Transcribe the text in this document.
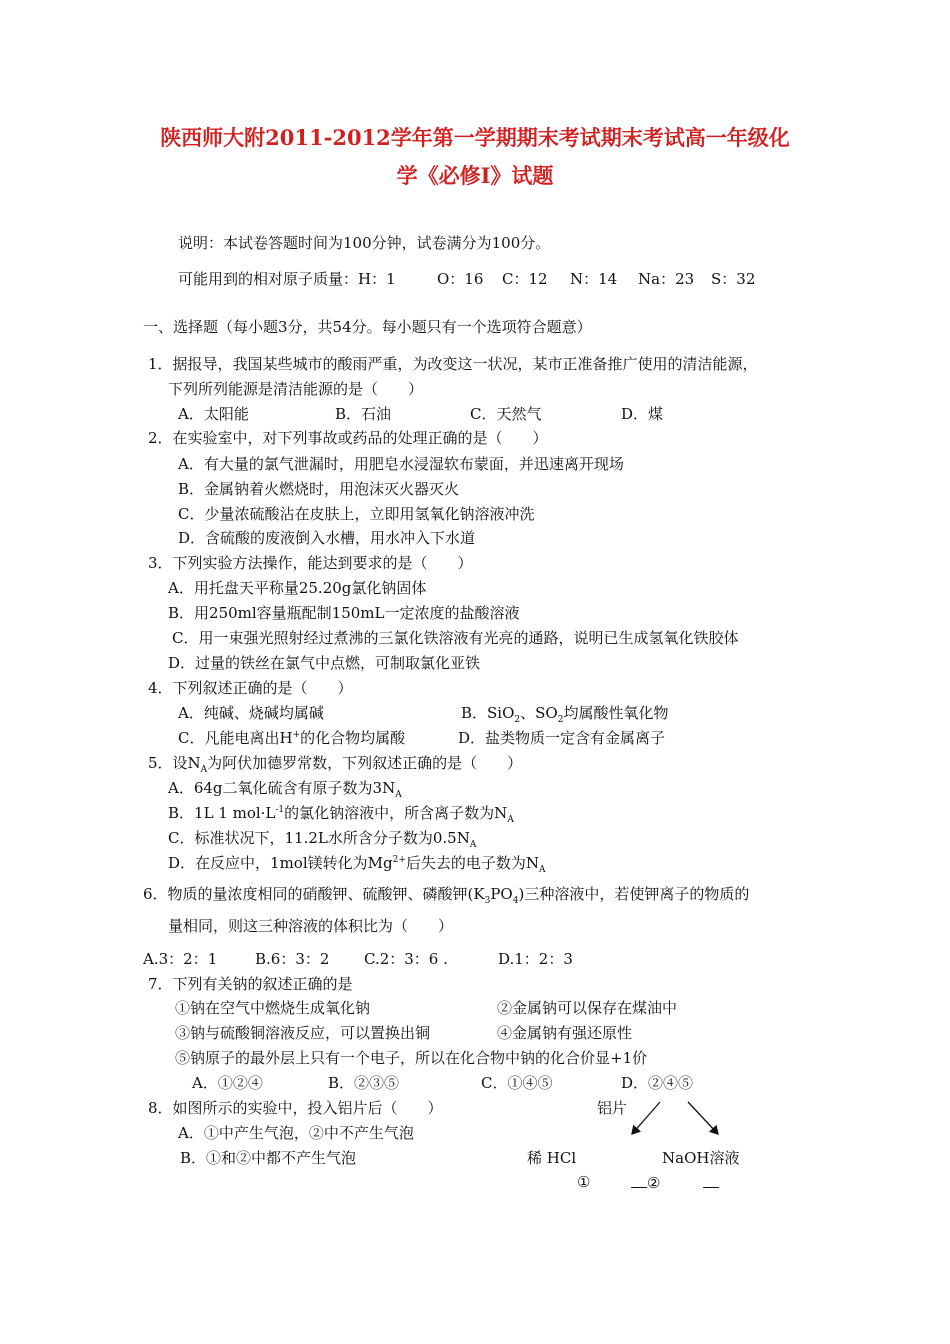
陕西师大附2011-2012学年第一学期期末考试期末考试高一年级化
学《必修Ⅰ》试题
说明：本试卷答题时间为100分钟，试卷满分为100分。
可能用到的相对原子质量：H：1	O：16 C：12 N：14 Na：23 S：32
一、选择题（每小题3分，共54分。每小题只有一个选项符合题意）
1．据报导，我国某些城市的酸雨严重，为改变这一状况，某市正准备推广使用的清洁能源，
下列所列能源是清洁能源的是（　　）
A．太阳能	B．石油	C．天然气	D．煤
2．在实验室中，对下列事故或药品的处理正确的是（　　）
A．有大量的氯气泄漏时，用肥皂水浸湿软布蒙面，并迅速离开现场
B．金属钠着火燃烧时，用泡沫灭火器灭火
C．少量浓硫酸沾在皮肤上，立即用氢氧化钠溶液冲洗
D．含硫酸的废液倒入水槽，用水冲入下水道
3．下列实验方法操作，能达到要求的是（　　）
A．用托盘天平称量25.20g氯化钠固体
B．用250ml容量瓶配制150mL一定浓度的盐酸溶液
C．用一束强光照射经过煮沸的三氯化铁溶液有光亮的通路，说明已生成氢氧化铁胶体
D．过量的铁丝在氯气中点燃，可制取氯化亚铁
4．下列叙述正确的是（　　）
A．纯碱、烧碱均属碱	B．SiO$_2$、$SO_2$均属酸性氧化物
C．凡能电离出H+的化合物均属酸	D．盐类物质一定含有金属离子
5．设$N_A$为阿伏加德罗常数，下列叙述正确的是（　　）
A．64g二氧化硫含有原子数为$3N_A$
B．1L 1 $mol\cdot L^{-1}$的氯化钠溶液中，所含离子数为$N_A$
C．标准状况下，11.2L水所含分子数为$0.5N_A$
D．在反应中，1mol镁转化为$Mg^{2+}$后失去的电子数为$N_A$
6．物质的量浓度相同的硝酸钾、硫酸钾、磷酸钾$(K_3PO_4)$三种溶液中，若使钾离子的物质的
量相同，则这三种溶液的体积比为（　　）
A.3：2：1	B.6：3：2 C.2：3：6 .	D.1：2：3
7．下列有关钠的叙述正确的是
①钠在空气中燃烧生成氧化钠	②金属钠可以保存在煤油中
③钠与硫酸铜溶液反应，可以置换出铜	④金属钠有强还原性
⑤钠原子的最外层上只有一个电子，所以在化合物中钠的化合价显+1价
A．①②④	B．②③⑤	C．①④⑤	D．②④⑤
8．如图所示的实验中，投入铝片后（　　）
A．①中产生气泡，②中不产生气泡
B．①和②中都不产生气泡
铝片
稀 HCl	NaOH溶液
①	②
